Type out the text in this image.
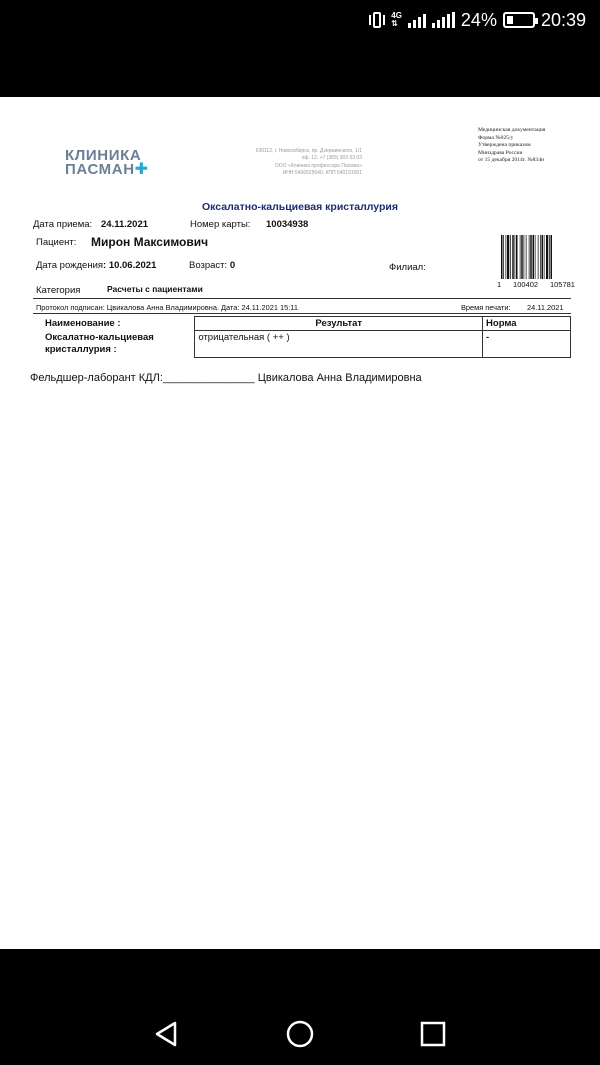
4G
⇅	24% 20:39
КЛИНИКА
ПАСМАН✚
630112, г. Новосибирск, пр. Дзержинского, 1/1
оф. 12, +7 (383) 303 03 03
ООО «Клиника профессора Пасман»
ИНН 5406525640, КПП 540101001
Медицинская документация
Форма №025/у
Утверждена приказом
Минздрава России
от 15 декабря 2014г. №834н
Оксалатно-кальциевая кристаллурия
Дата приема: 24.11.2021	Номер карты: 10034938
Пациент: Мирон Максимович
Дата рождения: 10.06.2021	Возраст: 0	Филиал:
1 100402 105781
Категория	Расчеты с пациентами
Протокол подписан: Цвикалова Анна Владимировна. Дата: 24.11.2021 15:11	Время печати: 24.11.2021
Наименование :	Результат	Норма

Оксалатно-кальциевая
кристаллурия :	отрицательная ( ++ )	-
Фельдшер-лаборант КДЛ:_______________ Цвикалова Анна Владимировна
